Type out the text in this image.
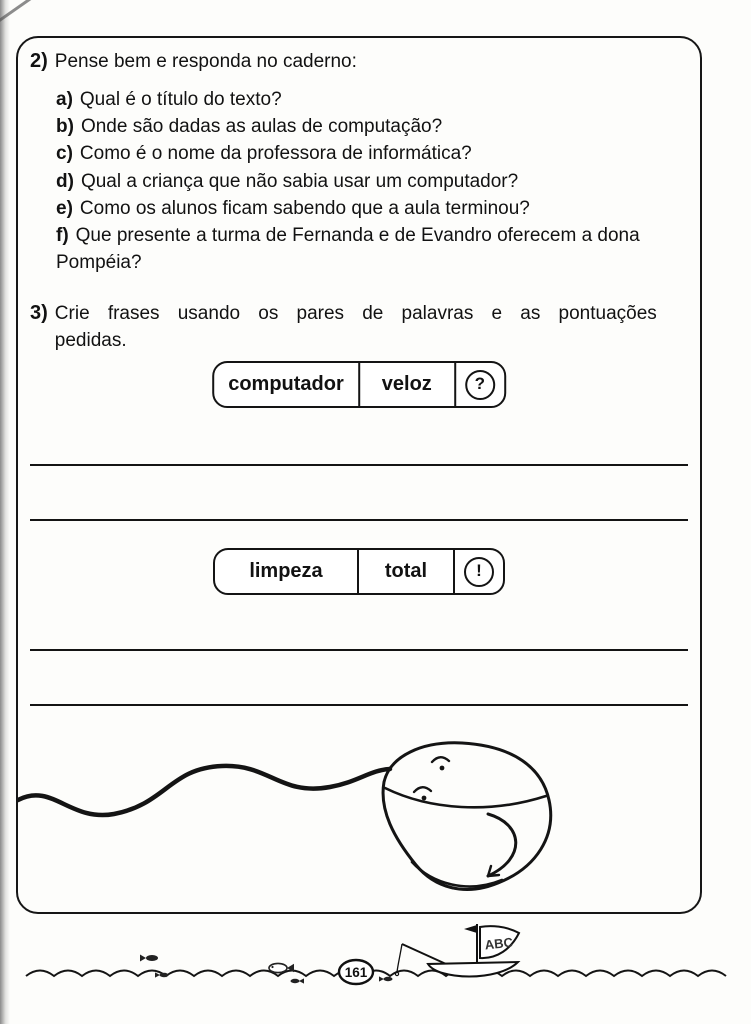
2) Pense bem e responda no caderno:
a) Qual é o título do texto?
b) Onde são dadas as aulas de computação?
c) Como é o nome da professora de informática?
d) Qual a criança que não sabia usar um computador?
e) Como os alunos ficam sabendo que a aula terminou?
f) Que presente a turma de Fernanda e de Evandro oferecem a dona Pompéia?
3) Crie frases usando os pares de palavras e as pontuações pedidas.
computador	veloz	?
limpeza	total	!
ABC
161
